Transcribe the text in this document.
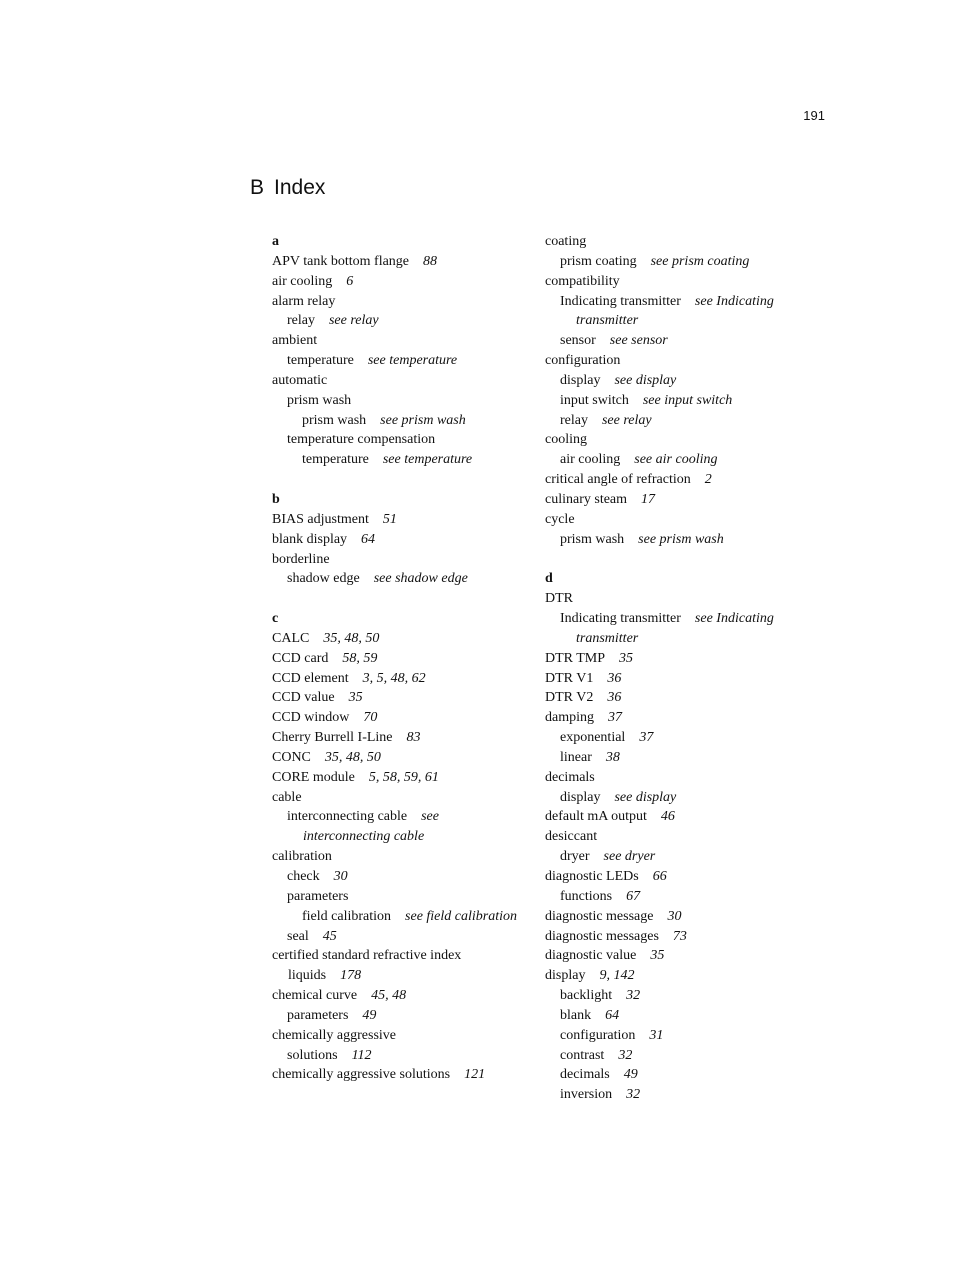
191
B Index
a
APV tank bottom flange 88
air cooling 6
alarm relay
relay see relay
ambient
temperature see temperature
automatic
prism wash
prism wash see prism wash
temperature compensation
temperature see temperature
b
BIAS adjustment 51
blank display 64
borderline
shadow edge see shadow edge
c
CALC 35, 48, 50
CCD card 58, 59
CCD element 3, 5, 48, 62
CCD value 35
CCD window 70
Cherry Burrell I-Line 83
CONC 35, 48, 50
CORE module 5, 58, 59, 61
cable
interconnecting cable see interconnecting cable
calibration
check 30
parameters
field calibration see field calibration
seal 45
certified standard refractive index liquids 178
chemical curve 45, 48
parameters 49
chemically aggressive
solutions 112
chemically aggressive solutions 121
coating
prism coating see prism coating
compatibility
Indicating transmitter see Indicating transmitter
sensor see sensor
configuration
display see display
input switch see input switch
relay see relay
cooling
air cooling see air cooling
critical angle of refraction 2
culinary steam 17
cycle
prism wash see prism wash
d
DTR
Indicating transmitter see Indicating transmitter
DTR TMP 35
DTR V1 36
DTR V2 36
damping 37
exponential 37
linear 38
decimals
display see display
default mA output 46
desiccant
dryer see dryer
diagnostic LEDs 66
functions 67
diagnostic message 30
diagnostic messages 73
diagnostic value 35
display 9, 142
backlight 32
blank 64
configuration 31
contrast 32
decimals 49
inversion 32
